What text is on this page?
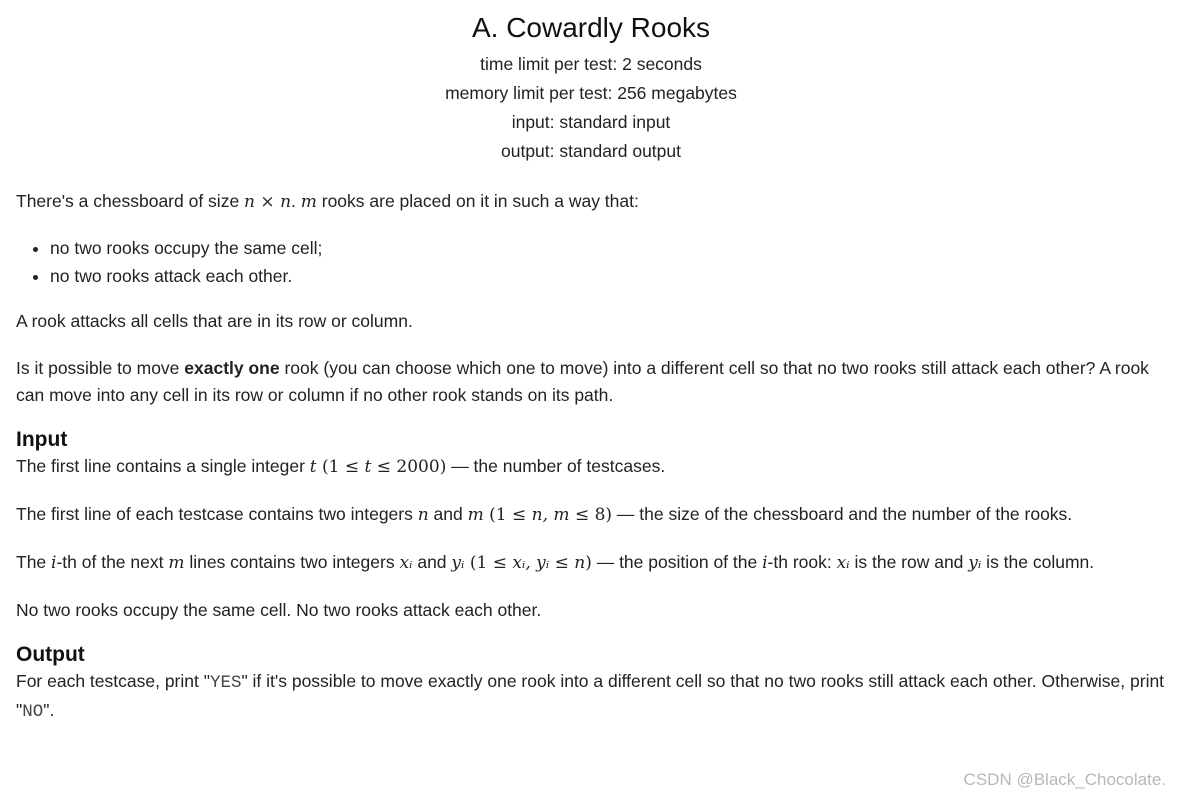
A. Cowardly Rooks
time limit per test: 2 seconds
memory limit per test: 256 megabytes
input: standard input
output: standard output

There's a chessboard of size n × n. m rooks are placed on it in such a way that:

• no two rooks occupy the same cell;
• no two rooks attack each other.

A rook attacks all cells that are in its row or column.

Is it possible to move exactly one rook (you can choose which one to move) into a different cell so that no two rooks still attack each other? A rook can move into any cell in its row or column if no other rook stands on its path.

Input

The first line contains a single integer t (1 ≤ t ≤ 2000) — the number of testcases.

The first line of each testcase contains two integers n and m (1 ≤ n, m ≤ 8) — the size of the chessboard and the number of the rooks.

The i-th of the next m lines contains two integers xᵢ and yᵢ (1 ≤ xᵢ, yᵢ ≤ n) — the position of the i-th rook: xᵢ is the row and yᵢ is the column.

No two rooks occupy the same cell. No two rooks attack each other.

Output

For each testcase, print "YES" if it's possible to move exactly one rook into a different cell so that no two rooks still attack each other. Otherwise, print "NO".

CSDN @Black_Chocolate.
